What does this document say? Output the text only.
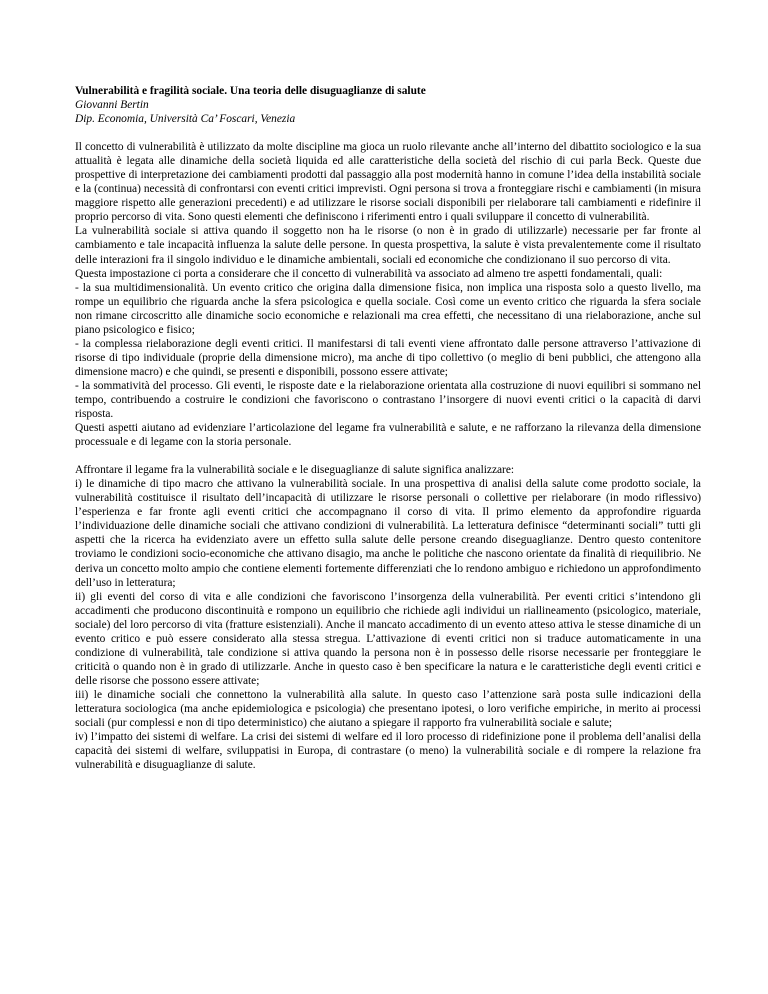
Vulnerabilità e fragilità sociale. Una teoria delle disuguaglianze di salute
Giovanni Bertin
Dip. Economia, Università Ca’ Foscari, Venezia

Il concetto di vulnerabilità è utilizzato da molte discipline ma gioca un ruolo rilevante anche all’interno del dibattito sociologico e la sua attualità è legata alle dinamiche della società liquida ed alle caratteristiche della società del rischio di cui parla Beck. Queste due prospettive di interpretazione dei cambiamenti prodotti dal passaggio alla post modernità hanno in comune l’idea della instabilità sociale e la (continua) necessità di confrontarsi con eventi critici imprevisti. Ogni persona si trova a fronteggiare rischi e cambiamenti (in misura maggiore rispetto alle generazioni precedenti) e ad utilizzare le risorse sociali disponibili per rielaborare tali cambiamenti e ridefinire il proprio percorso di vita. Sono questi elementi che definiscono i riferimenti entro i quali sviluppare il concetto di vulnerabilità.

La vulnerabilità sociale si attiva quando il soggetto non ha le risorse (o non è in grado di utilizzarle) necessarie per far fronte al cambiamento e tale incapacità influenza la salute delle persone. In questa prospettiva, la salute è vista prevalentemente come il risultato delle interazioni fra il singolo individuo e le dinamiche ambientali, sociali ed economiche che condizionano il suo percorso di vita.

Questa impostazione ci porta a considerare che il concetto di vulnerabilità va associato ad almeno tre aspetti fondamentali, quali:

- la sua multidimensionalità. Un evento critico che origina dalla dimensione fisica, non implica una risposta solo a questo livello, ma rompe un equilibrio che riguarda anche la sfera psicologica e quella sociale. Così come un evento critico che riguarda la sfera sociale non rimane circoscritto alle dinamiche socio economiche e relazionali ma crea effetti, che necessitano di una rielaborazione, anche sul piano psicologico e fisico;

- la complessa rielaborazione degli eventi critici. Il manifestarsi di tali eventi viene affrontato dalle persone attraverso l’attivazione di risorse di tipo individuale (proprie della dimensione micro), ma anche di tipo collettivo (o meglio di beni pubblici, che attengono alla dimensione macro) e che quindi, se presenti e disponibili, possono essere attivate;

- la sommatività del processo. Gli eventi, le risposte date e la rielaborazione orientata alla costruzione di nuovi equilibri si sommano nel tempo, contribuendo a costruire le condizioni che favoriscono o contrastano l’insorgere di nuovi eventi critici o la capacità di darvi risposta.

Questi aspetti aiutano ad evidenziare l’articolazione del legame fra vulnerabilità e salute, e ne rafforzano la rilevanza della dimensione processuale e di legame con la storia personale.

Affrontare il legame fra la vulnerabilità sociale e le diseguaglianze di salute significa analizzare:

i) le dinamiche di tipo macro che attivano la vulnerabilità sociale. In una prospettiva di analisi della salute come prodotto sociale, la vulnerabilità costituisce il risultato dell’incapacità di utilizzare le risorse personali o collettive per rielaborare (in modo riflessivo) l’esperienza e far fronte agli eventi critici che accompagnano il corso di vita. Il primo elemento da approfondire riguarda l’individuazione delle dinamiche sociali che attivano condizioni di vulnerabilità. La letteratura definisce “determinanti sociali” tutti gli aspetti che la ricerca ha evidenziato avere un effetto sulla salute delle persone creando diseguaglianze. Dentro questo contenitore troviamo le condizioni socio-economiche che attivano disagio, ma anche le politiche che nascono orientate da finalità di riequilibrio. Ne deriva un concetto molto ampio che contiene elementi fortemente differenziati che lo rendono ambiguo e richiedono un approfondimento dell’uso in letteratura;

ii) gli eventi del corso di vita e alle condizioni che favoriscono l’insorgenza della vulnerabilità. Per eventi critici s’intendono gli accadimenti che producono discontinuità e rompono un equilibrio che richiede agli individui un riallineamento (psicologico, materiale, sociale) del loro percorso di vita (fratture esistenziali). Anche il mancato accadimento di un evento atteso attiva le stesse dinamiche di un evento critico e può essere considerato alla stessa stregua. L’attivazione di eventi critici non si traduce automaticamente in una condizione di vulnerabilità, tale condizione si attiva quando la persona non è in possesso delle risorse necessarie per fronteggiare le criticità o quando non è in grado di utilizzarle. Anche in questo caso è ben specificare la natura e le caratteristiche degli eventi critici e delle risorse che possono essere attivate;

iii) le dinamiche sociali che connettono la vulnerabilità alla salute. In questo caso l’attenzione sarà posta sulle indicazioni della letteratura sociologica (ma anche epidemiologica e psicologia) che presentano ipotesi, o loro verifiche empiriche, in merito ai processi sociali (pur complessi e non di tipo deterministico) che aiutano a spiegare il rapporto fra vulnerabilità sociale e salute;

iv) l’impatto dei sistemi di welfare. La crisi dei sistemi di welfare ed il loro processo di ridefinizione pone il problema dell’analisi della capacità dei sistemi di welfare, sviluppatisi in Europa, di contrastare (o meno) la vulnerabilità sociale e di rompere la relazione fra vulnerabilità e disuguaglianze di salute.
